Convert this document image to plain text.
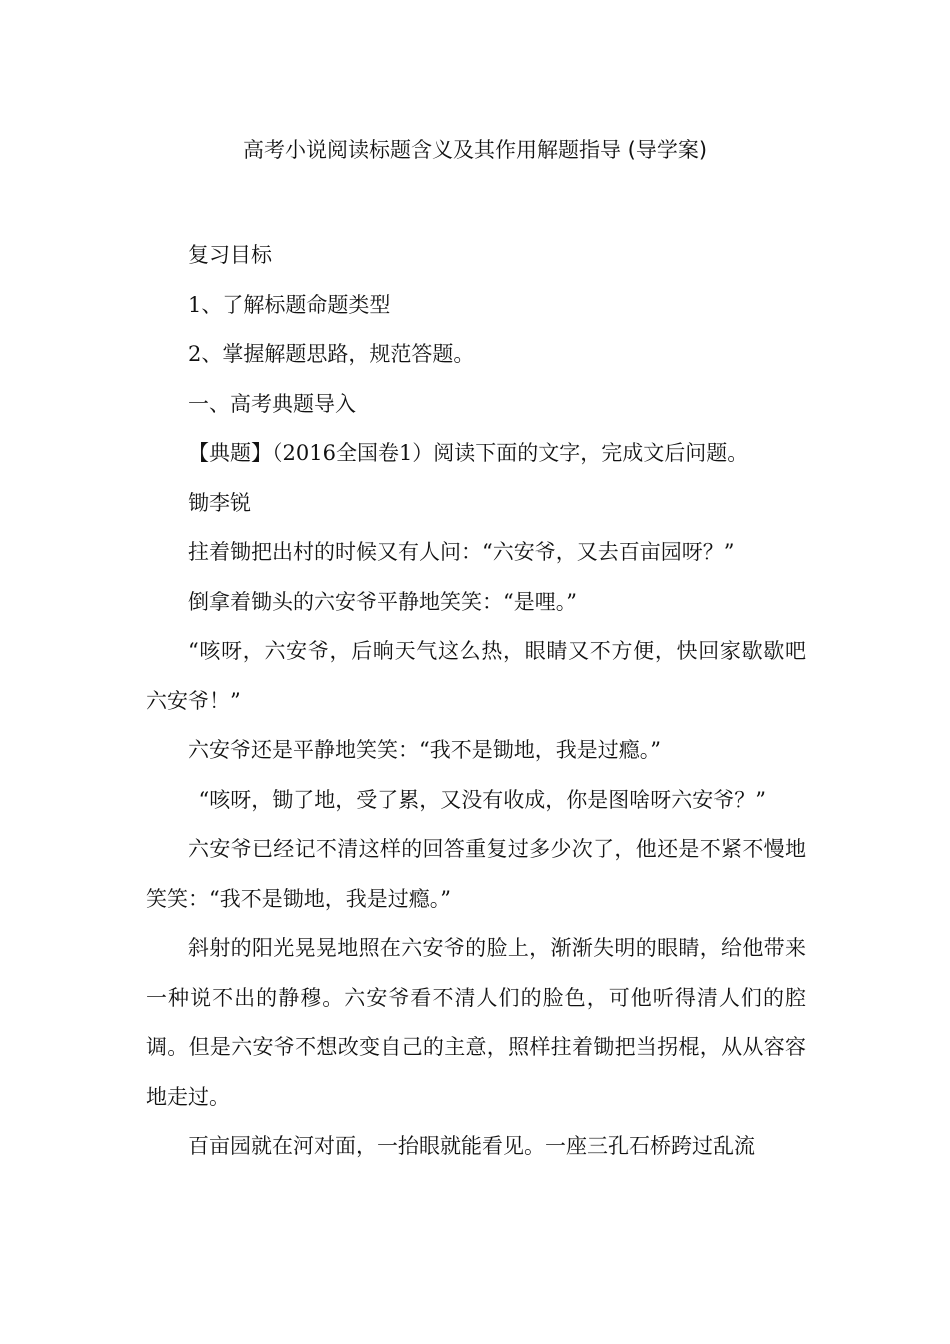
高考小说阅读标题含义及其作用解题指导 (导学案)

复习目标

1、了解标题命题类型

2、掌握解题思路，规范答题。

一、高考典题导入

【典题】（2016全国卷1）阅读下面的文字，完成文后问题。

锄李锐

拄着锄把出村的时候又有人问：“六安爷，又去百亩园呀？”

倒拿着锄头的六安爷平静地笑笑：“是哩。”

“咳呀，六安爷，后晌天气这么热，眼睛又不方便，快回家歇歇吧六安爷！”

六安爷还是平静地笑笑：“我不是锄地，我是过瘾。”

“咳呀，锄了地，受了累，又没有收成，你是图啥呀六安爷？”

六安爷已经记不清这样的回答重复过多少次了，他还是不紧不慢地笑笑：“我不是锄地，我是过瘾。”

斜射的阳光晃晃地照在六安爷的脸上，渐渐失明的眼睛，给他带来一种说不出的静穆。六安爷看不清人们的脸色，可他听得清人们的腔调。但是六安爷不想改变自己的主意，照样拄着锄把当拐棍，从从容容地走过。

百亩园就在河对面，一抬眼就能看见。一座三孔石桥跨过乱流
